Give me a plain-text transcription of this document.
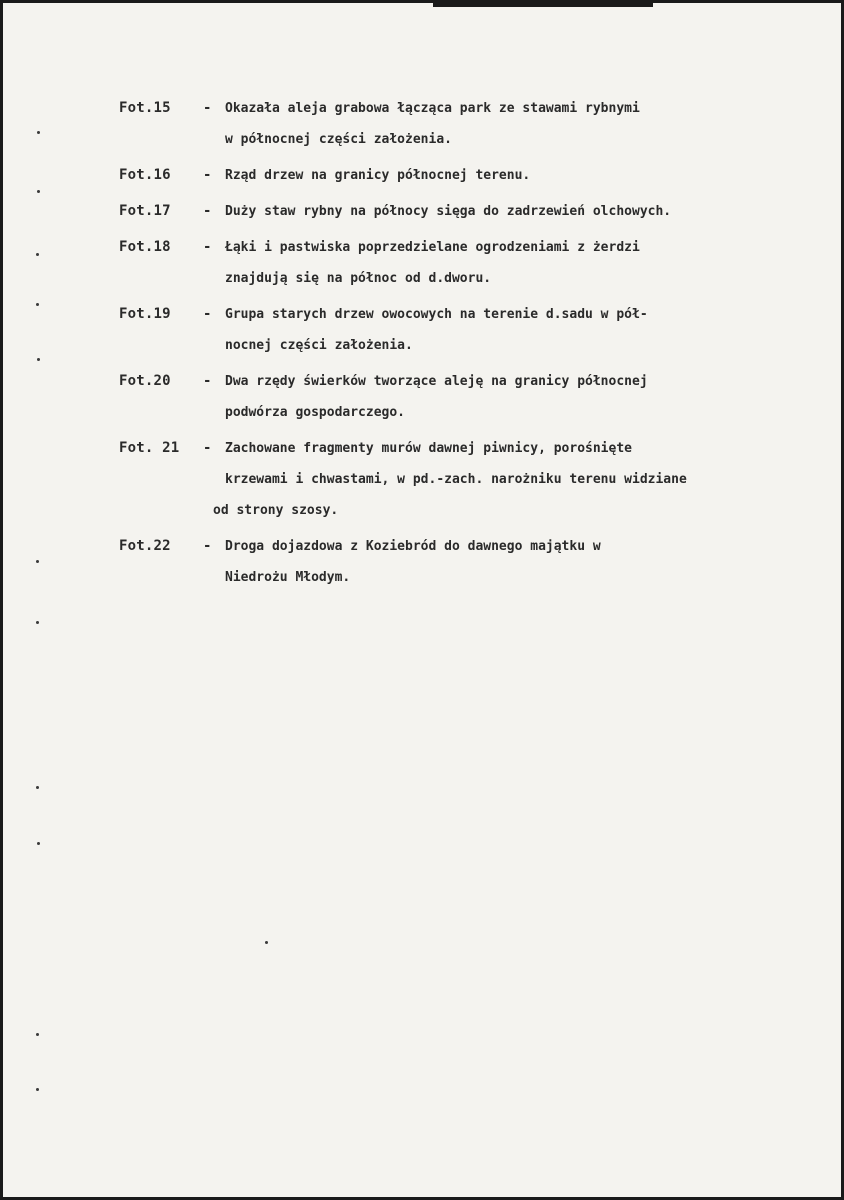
Fot.15	-	Okazała aleja grabowa łącząca park ze stawami rybnymi
w północnej części założenia.
Fot.16	-	Rząd drzew na granicy północnej terenu.
Fot.17	-	Duży staw rybny na północy sięga do zadrzewień olchowych.
Fot.18	-	Łąki i pastwiska poprzedzielane ogrodzeniami z żerdzi
znajdują się na północ od d.dworu.
Fot.19	-	Grupa starych drzew owocowych na terenie d.sadu w pół-
nocnej części założenia.
Fot.20	-	Dwa rzędy świerków tworzące aleję na granicy północnej
podwórza gospodarczego.
Fot. 21	-	Zachowane fragmenty murów dawnej piwnicy, porośnięte
krzewami i chwastami, w pd.-zach. narożniku terenu widziane
od strony szosy.
Fot.22	-	Droga dojazdowa z Koziebród do dawnego majątku w
Niedrożu Młodym.
